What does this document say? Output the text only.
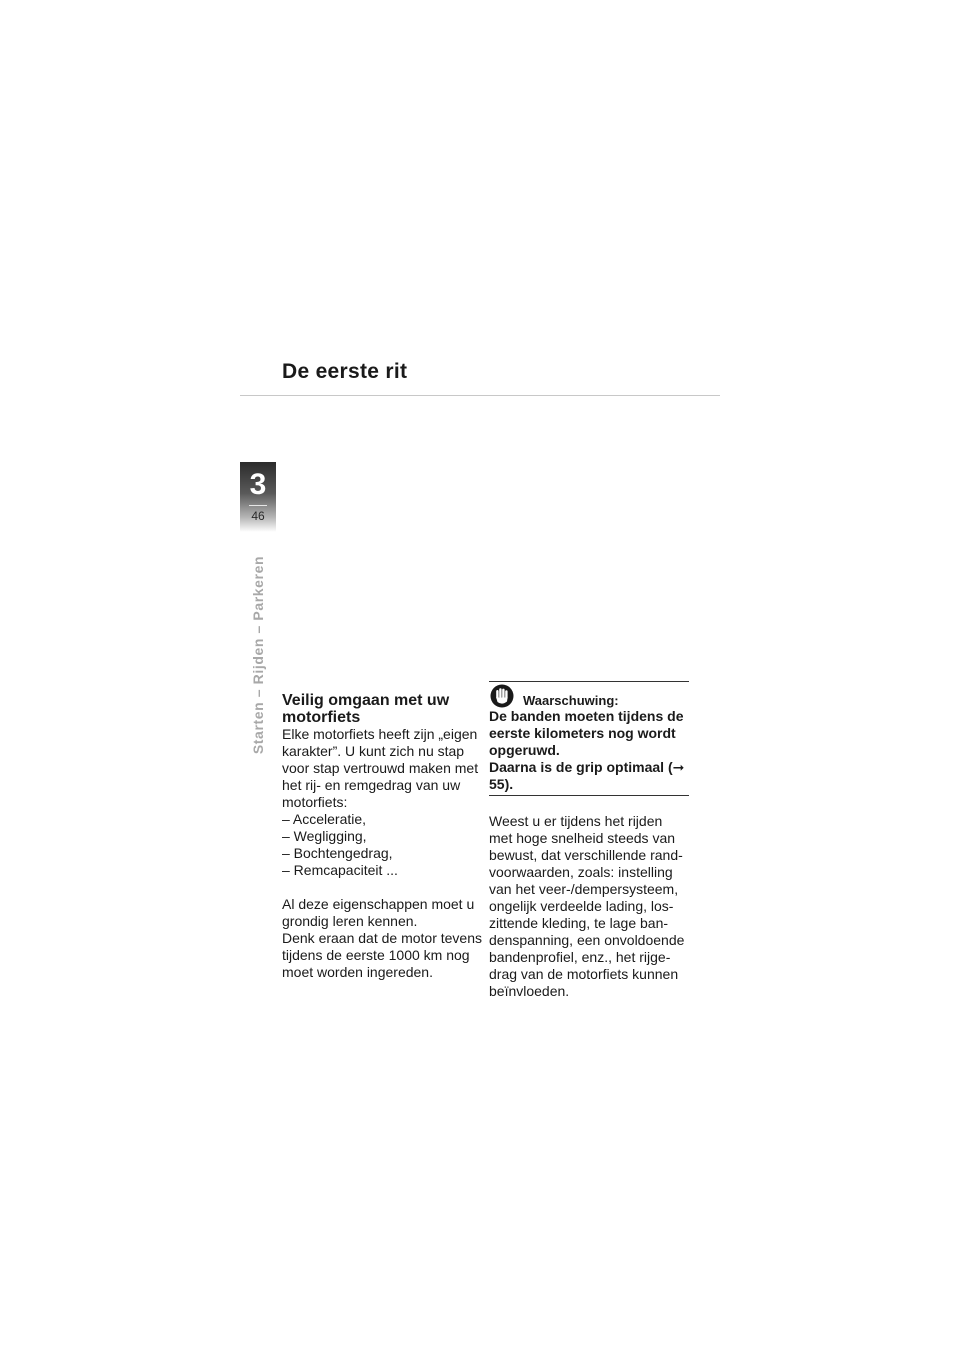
De eerste rit
3
46
Starten – Rijden – Parkeren Veilig omgaan met uw motorfiets

Elke motorfiets heeft zijn „eigen karakter”. U kunt zich nu stap voor stap vertrouwd maken met het rij- en remgedrag van uw motorfiets:

– Acceleratie,
– Wegligging,
– Bochtengedrag,
– Remcapaciteit ...

Al deze eigenschappen moet u grondig leren kennen.

Denk eraan dat de motor tevens tijdens de eerste 1000 km nog moet worden ingereden.

Waarschuwing:

De banden moeten tijdens de eerste kilometers nog wordt opgeruwd.

Daarna is de grip optimaal (➞ 55).

Weest u er tijdens het rijden met hoge snelheid steeds van bewust, dat verschillende randvoorwaarden, zoals: instelling van het veer-/dempersysteem, ongelijk verdeelde lading, loszittende kleding, te lage bandenspanning, een onvoldoende bandenprofiel, enz., het rijgedrag van de motorfiets kunnen beïnvloeden.
